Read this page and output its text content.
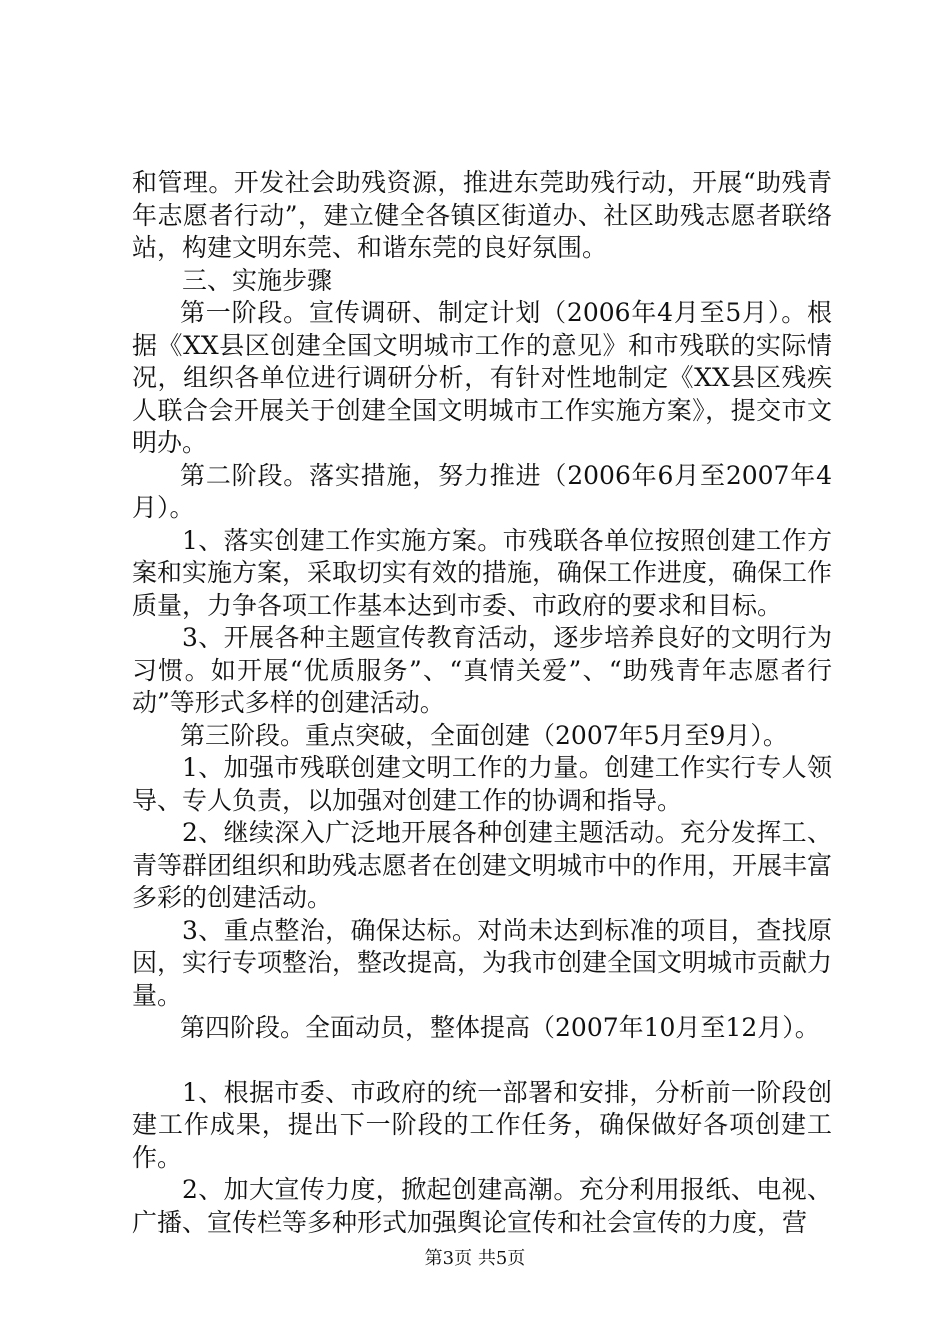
和管理。开发社会助残资源，推进东莞助残行动，开展“助残青年志愿者行动”，建立健全各镇区街道办、社区助残志愿者联络站，构建文明东莞、和谐东莞的良好氛围。

三、实施步骤

第一阶段。宣传调研、制定计划（2006年4月至5月）。根据《XX县区创建全国文明城市工作的意见》和市残联的实际情况，组织各单位进行调研分析，有针对性地制定《XX县区残疾人联合会开展关于创建全国文明城市工作实施方案》，提交市文明办。

第二阶段。落实措施，努力推进（2006年6月至2007年4月）。

1、落实创建工作实施方案。市残联各单位按照创建工作方案和实施方案，采取切实有效的措施，确保工作进度，确保工作质量，力争各项工作基本达到市委、市政府的要求和目标。

3、开展各种主题宣传教育活动，逐步培养良好的文明行为习惯。如开展“优质服务”、“真情关爱”、“助残青年志愿者行动”等形式多样的创建活动。

第三阶段。重点突破，全面创建（2007年5月至9月）。

1、加强市残联创建文明工作的力量。创建工作实行专人领导、专人负责，以加强对创建工作的协调和指导。

2、继续深入广泛地开展各种创建主题活动。充分发挥工、青等群团组织和助残志愿者在创建文明城市中的作用，开展丰富多彩的创建活动。

3、重点整治，确保达标。对尚未达到标准的项目，查找原因，实行专项整治，整改提高，为我市创建全国文明城市贡献力量。

第四阶段。全面动员，整体提高（2007年10月至12月）。

1、根据市委、市政府的统一部署和安排，分析前一阶段创建工作成果，提出下一阶段的工作任务，确保做好各项创建工作。

2、加大宣传力度，掀起创建高潮。充分利用报纸、电视、广播、宣传栏等多种形式加强舆论宣传和社会宣传的力度，营

第3页 共5页
